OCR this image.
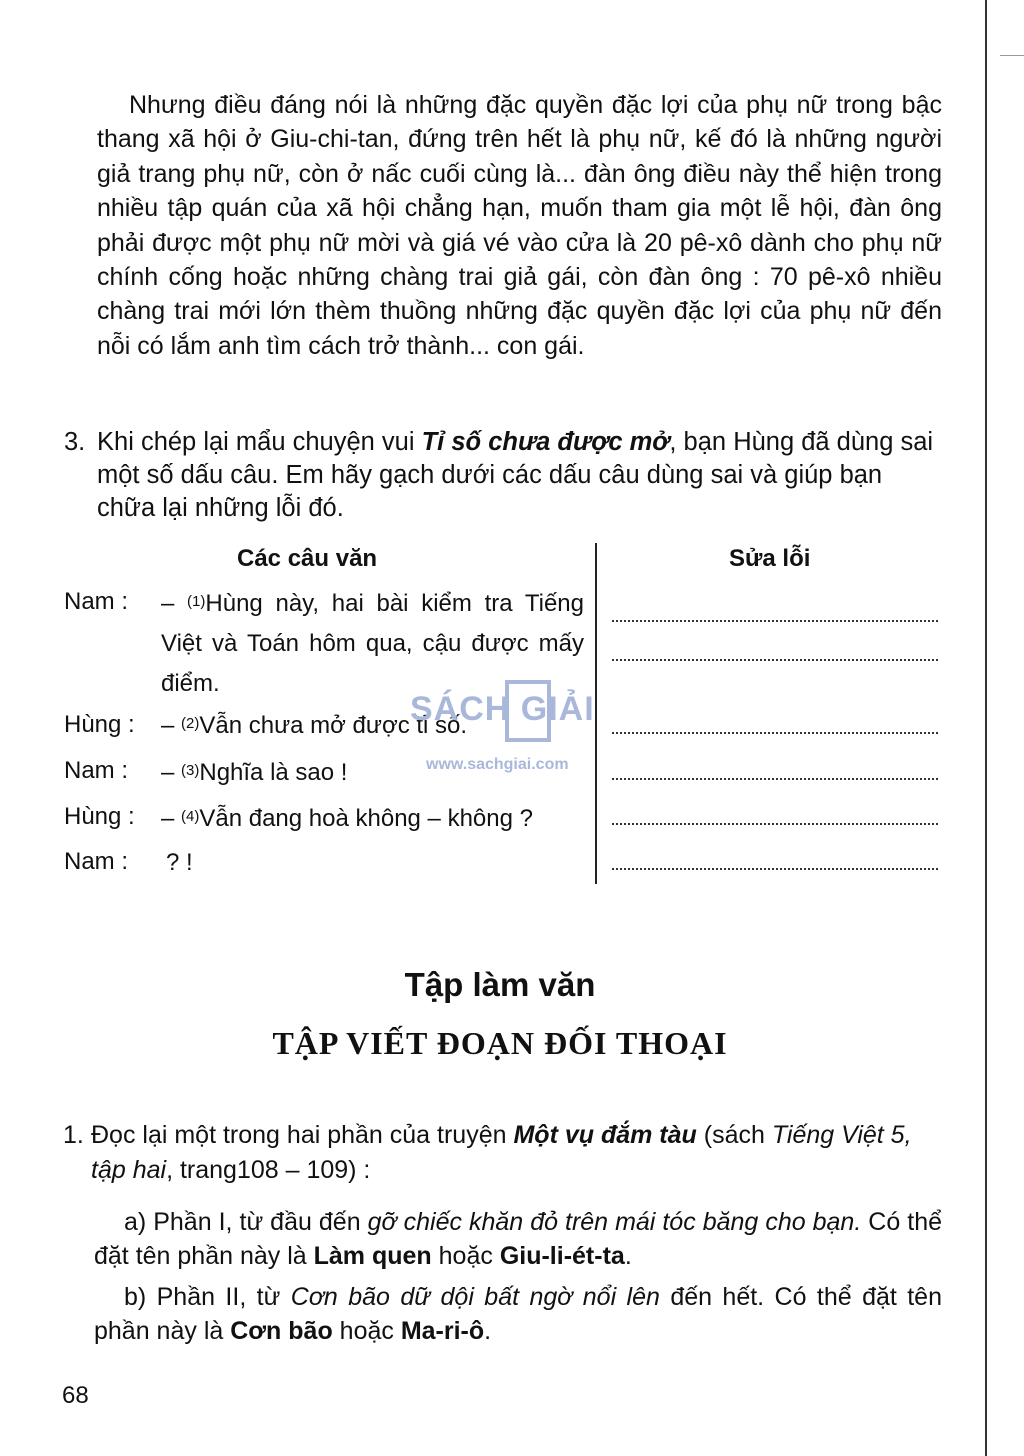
Nhưng điều đáng nói là những đặc quyền đặc lợi của phụ nữ trong bậc thang xã hội ở Giu-chi-tan, đứng trên hết là phụ nữ, kế đó là những người giả trang phụ nữ, còn ở nấc cuối cùng là... đàn ông điều này thể hiện trong nhiều tập quán của xã hội chẳng hạn, muốn tham gia một lễ hội, đàn ông phải được một phụ nữ mời và giá vé vào cửa là 20 pê-xô dành cho phụ nữ chính cống hoặc những chàng trai giả gái, còn đàn ông : 70 pê-xô nhiều chàng trai mới lớn thèm thuồng những đặc quyền đặc lợi của phụ nữ đến nỗi có lắm anh tìm cách trở thành... con gái.

3. Khi chép lại mẩu chuyện vui Tỉ số chưa được mở, bạn Hùng đã dùng sai một số dấu câu. Em hãy gạch dưới các dấu câu dùng sai và giúp bạn chữa lại những lỗi đó.

Các câu văn	Sửa lỗi

Nam : – $^{(1)}$Hùng này, hai bài kiểm tra Tiếng Việt và Toán hôm qua, cậu được mấy điểm.

Hùng : – $^{(2)}$Vẫn chưa mở được tỉ số.

Nam : – $^{(3)}$Nghĩa là sao !

Hùng : – $^{(4)}$Vẫn đang hoà không – không ?

Nam : ? !

SÁCH GIẢI

www.sachgiai.com

Tập làm văn

TẬP VIẾT ĐOẠN ĐỐI THOẠI

1. Đọc lại một trong hai phần của truyện Một vụ đắm tàu (sách Tiếng Việt 5, tập hai, trang108 – 109) :

a) Phần I, từ đầu đến gỡ chiếc khăn đỏ trên mái tóc băng cho bạn. Có thể đặt tên phần này là Làm quen hoặc Giu-li-ét-ta.

b) Phần II, từ Cơn bão dữ dội bất ngờ nổi lên đến hết. Có thể đặt tên phần này là Cơn bão hoặc Ma-ri-ô.

68
